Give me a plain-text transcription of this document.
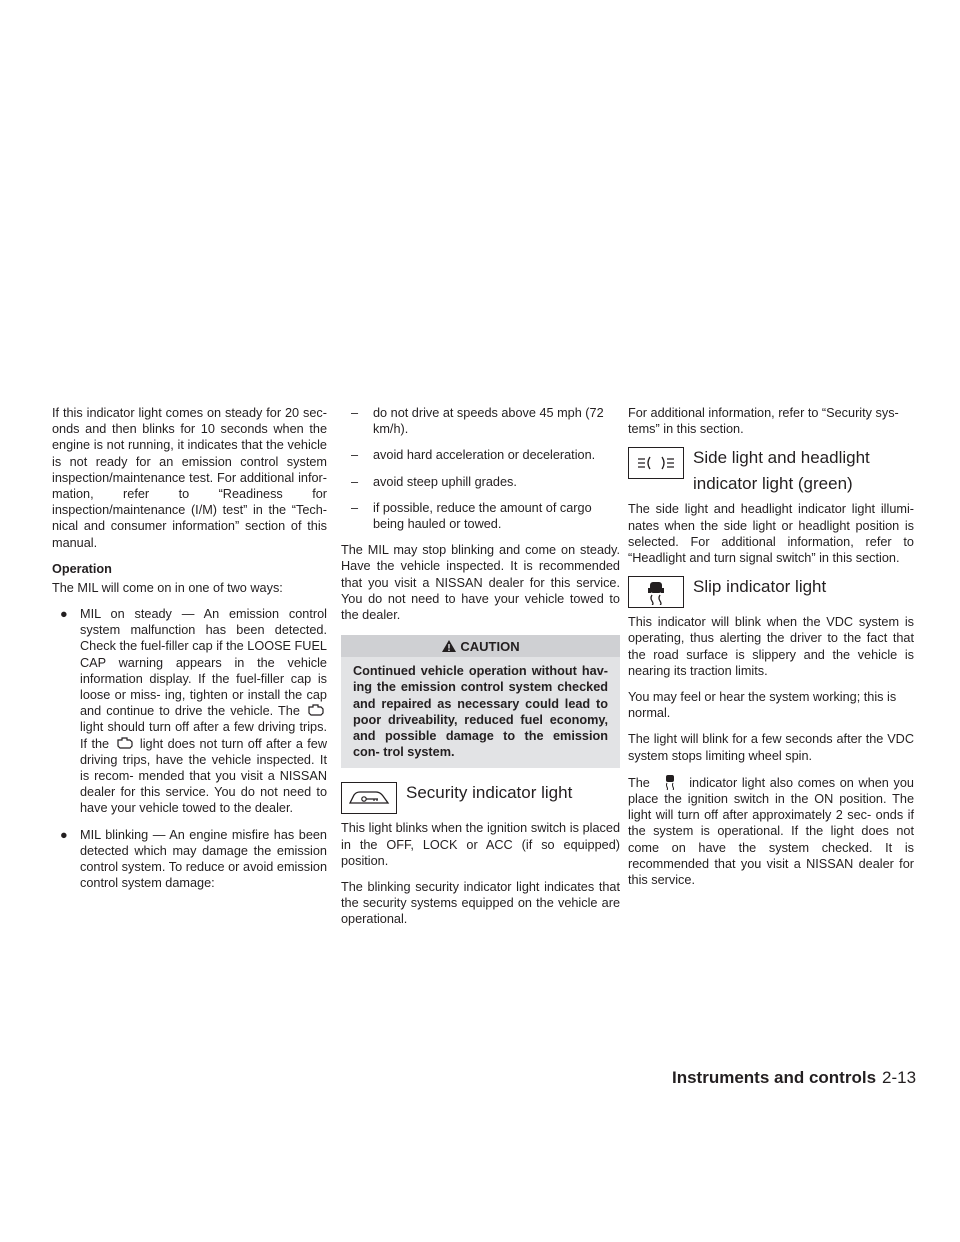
If this indicator light comes on steady for 20 sec- onds and then blinks for 10 seconds when the engine is not running, it indicates that the vehicle is not ready for an emission control system inspection/maintenance test. For additional infor- mation, refer to “Readiness for inspection/maintenance (I/M) test” in the “Tech- nical and consumer information” section of this manual.

Operation

The MIL will come on in one of two ways:

● MIL on steady — An emission control system malfunction has been detected. Check the fuel-filler cap if the LOOSE FUEL CAP warning appears in the vehicle information display. If the fuel-filler cap is loose or miss- ing, tighten or install the cap and continue to drive the vehicle. The  light should turn off after a few driving trips. If the light does not turn off after a few driving trips, have the vehicle inspected. It is recom- mended that you visit a NISSAN dealer for this service. You do not need to have your vehicle towed to the dealer.
● MIL blinking — An engine misfire has been detected which may damage the emission control system. To reduce or avoid emission control system damage:
– do not drive at speeds above 45 mph (72 km/h).
– avoid hard acceleration or deceleration.
– avoid steep uphill grades.
– if possible, reduce the amount of cargo being hauled or towed.

The MIL may stop blinking and come on steady. Have the vehicle inspected. It is recommended that you visit a NISSAN dealer for this service. You do not need to have your vehicle towed to the dealer.

CAUTION
Continued vehicle operation without hav- ing the emission control system checked and repaired as necessary could lead to poor driveability, reduced fuel economy, and possible damage to the emission con- trol system.
Security indicator light

This light blinks when the ignition switch is placed in the OFF, LOCK or ACC (if so equipped) position.

The blinking security indicator light indicates that the security systems equipped on the vehicle are operational.

For additional information, refer to “Security sys- tems” in this section.

Side light and headlight
indicator light (green)

The side light and headlight indicator light illumi- nates when the side light or headlight position is selected. For additional information, refer to “Headlight and turn signal switch” in this section.

Slip indicator light

This indicator will blink when the VDC system is operating, thus alerting the driver to the fact that the road surface is slippery and the vehicle is nearing its traction limits.

You may feel or hear the system working; this is normal.

The light will blink for a few seconds after the VDC system stops limiting wheel spin.

The	indicator light also comes on when you place the ignition switch in the ON position. The light will turn off after approximately 2 sec- onds if the system is operational. If the light does not come on have the system checked. It is recommended that you visit a NISSAN dealer for this service.

Instruments and controls 2-13
